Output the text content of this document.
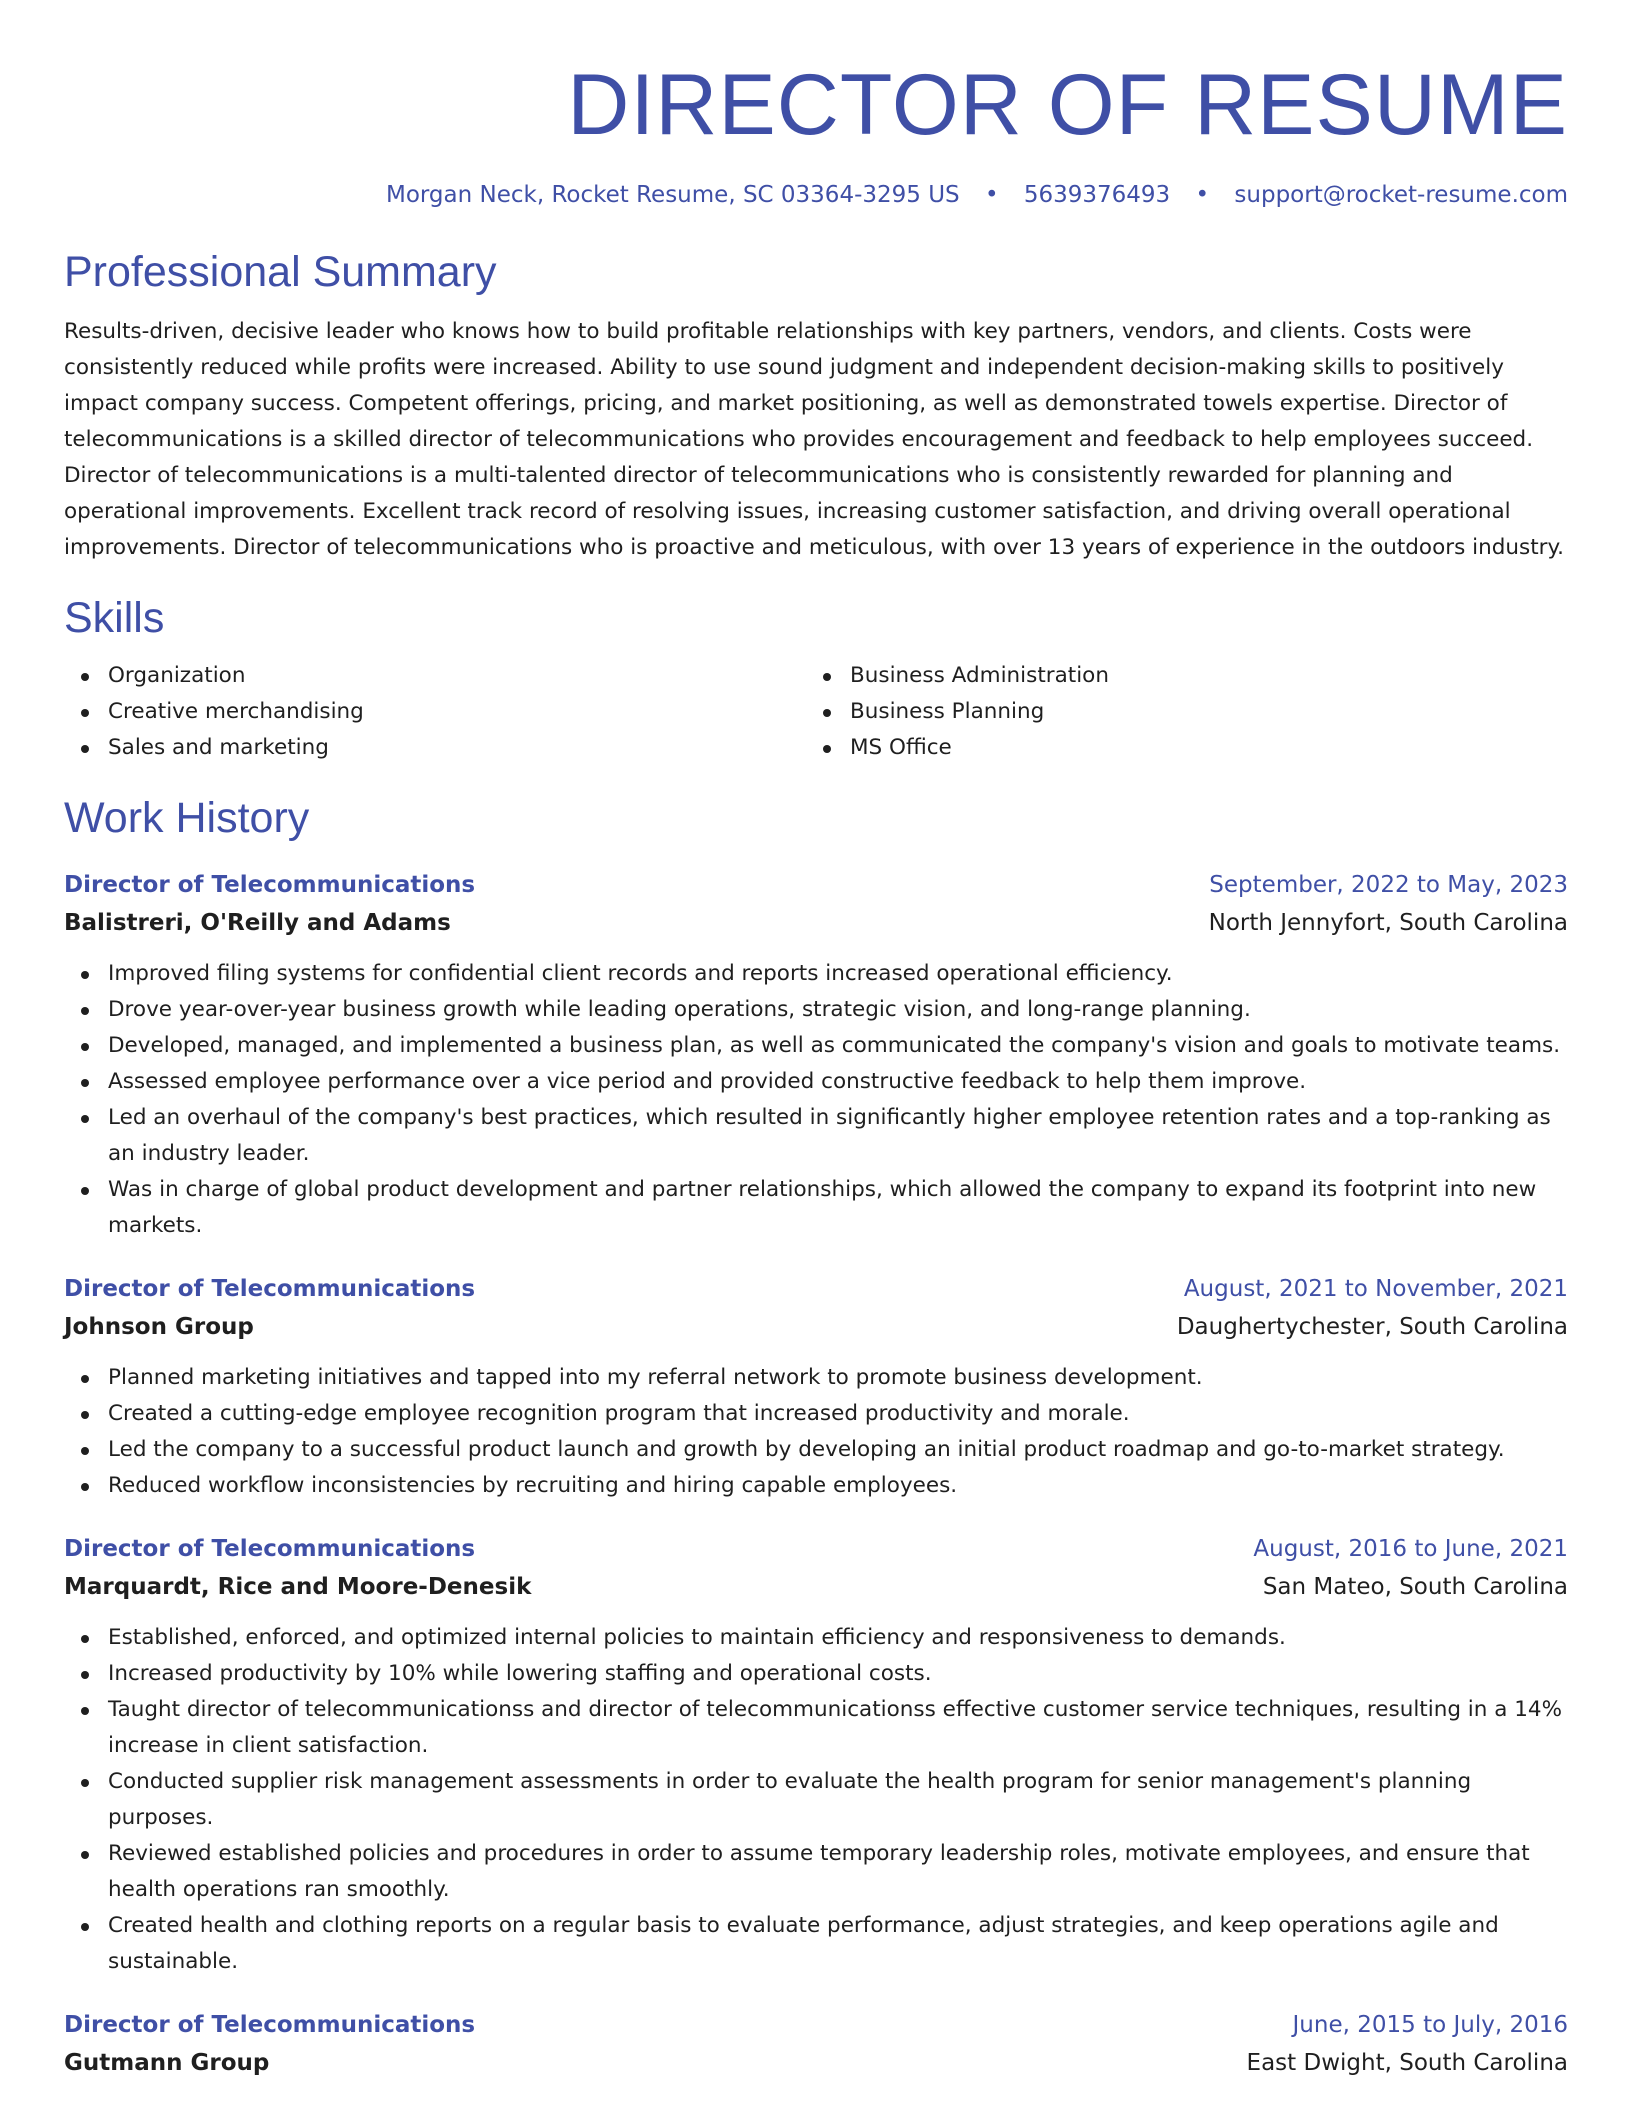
DIRECTOR OF RESUME
Morgan Neck, Rocket Resume, SC 03364-3295 US • 5639376493 • support@rocket-resume.com
Professional Summary
Results-driven, decisive leader who knows how to build profitable relationships with key partners, vendors, and clients. Costs were consistently reduced while profits were increased. Ability to use sound judgment and independent decision-making skills to positively impact company success. Competent offerings, pricing, and market positioning, as well as demonstrated towels expertise. Director of telecommunications is a skilled director of telecommunications who provides encouragement and feedback to help employees succeed. Director of telecommunications is a multi-talented director of telecommunications who is consistently rewarded for planning and operational improvements. Excellent track record of resolving issues, increasing customer satisfaction, and driving overall operational improvements. Director of telecommunications who is proactive and meticulous, with over 13 years of experience in the outdoors industry.
Skills
Organization
Creative merchandising
Sales and marketing
Business Administration
Business Planning
MS Office
Work History
Director of Telecommunications	September, 2022 to May, 2023
Balistreri, O'Reilly and Adams	North Jennyfort, South Carolina
Improved filing systems for confidential client records and reports increased operational efficiency.
Drove year-over-year business growth while leading operations, strategic vision, and long-range planning.
Developed, managed, and implemented a business plan, as well as communicated the company's vision and goals to motivate teams.
Assessed employee performance over a vice period and provided constructive feedback to help them improve.
Led an overhaul of the company's best practices, which resulted in significantly higher employee retention rates and a top-ranking as an industry leader.
Was in charge of global product development and partner relationships, which allowed the company to expand its footprint into new markets.
Director of Telecommunications	August, 2021 to November, 2021
Johnson Group	Daughertychester, South Carolina
Planned marketing initiatives and tapped into my referral network to promote business development.
Created a cutting-edge employee recognition program that increased productivity and morale.
Led the company to a successful product launch and growth by developing an initial product roadmap and go-to-market strategy.
Reduced workflow inconsistencies by recruiting and hiring capable employees.
Director of Telecommunications	August, 2016 to June, 2021
Marquardt, Rice and Moore-Denesik	San Mateo, South Carolina
Established, enforced, and optimized internal policies to maintain efficiency and responsiveness to demands.
Increased productivity by 10% while lowering staffing and operational costs.
Taught director of telecommunicationss and director of telecommunicationss effective customer service techniques, resulting in a 14% increase in client satisfaction.
Conducted supplier risk management assessments in order to evaluate the health program for senior management's planning purposes.
Reviewed established policies and procedures in order to assume temporary leadership roles, motivate employees, and ensure that health operations ran smoothly.
Created health and clothing reports on a regular basis to evaluate performance, adjust strategies, and keep operations agile and sustainable.
Director of Telecommunications	June, 2015 to July, 2016
Gutmann Group	East Dwight, South Carolina
